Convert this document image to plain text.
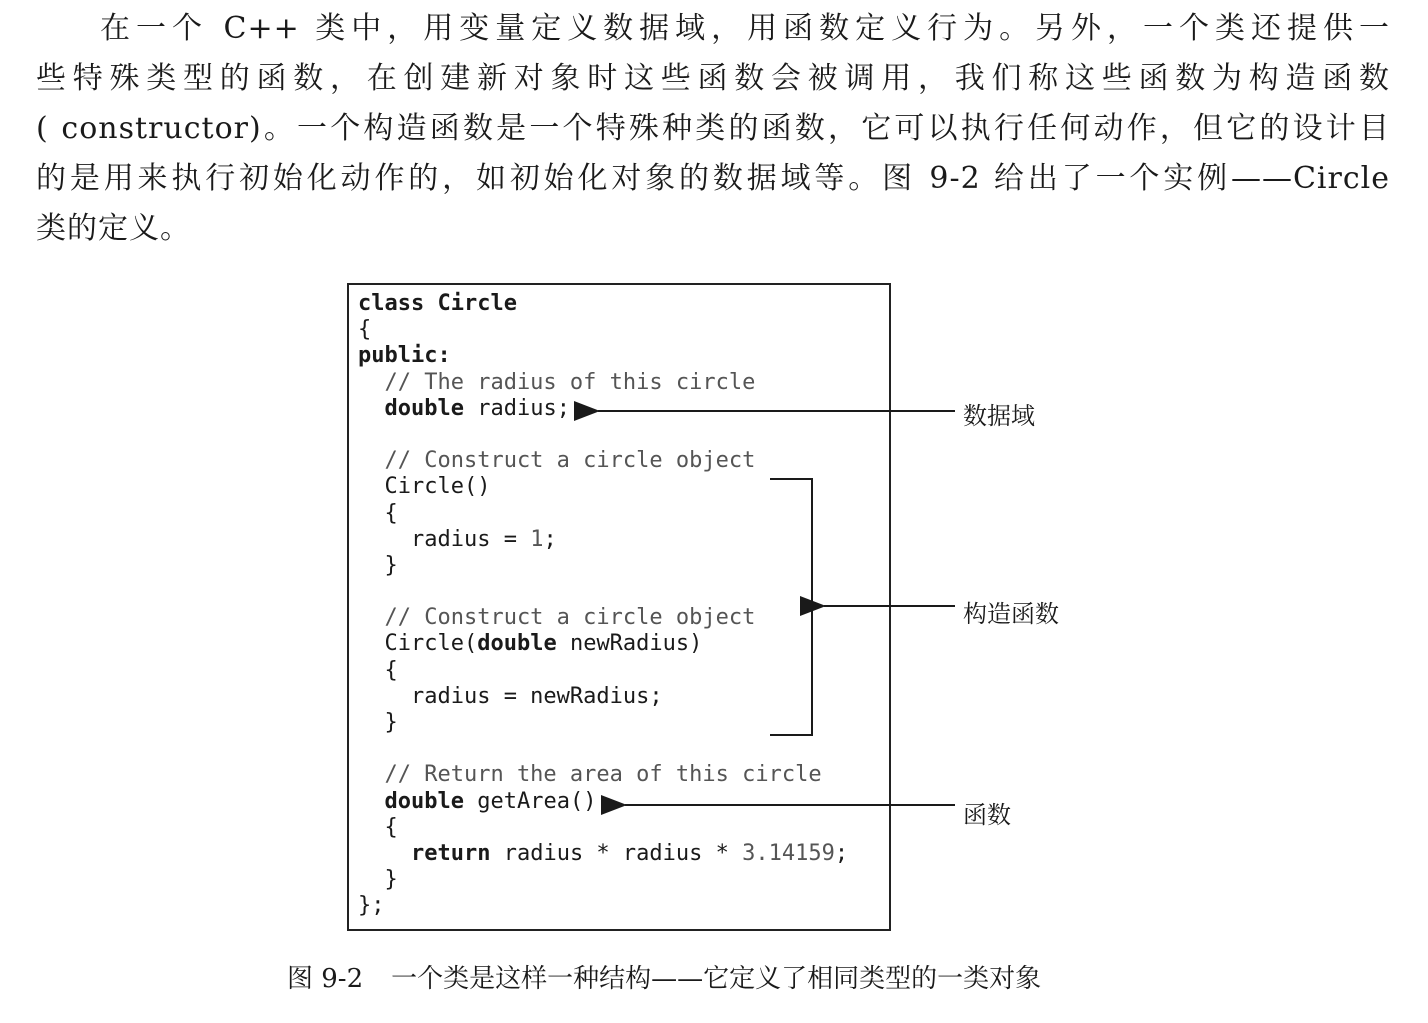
在一个 C++ 类中，用变量定义数据域，用函数定义行为。另外，一个类还提供一
些特殊类型的函数，在创建新对象时这些函数会被调用，我们称这些函数为构造函数
( constructor)。一个构造函数是一个特殊种类的函数，它可以执行任何动作，但它的设计目
的是用来执行初始化动作的，如初始化对象的数据域等。图 9-2 给出了一个实例——Circle
类的定义。
class Circle
{
public:
// The radius of this circle
double radius;

// Construct a circle object
Circle()
{
radius = 1;
}

// Construct a circle object
Circle(double newRadius)
{
radius = newRadius;
}

// Return the area of this circle
double getArea()
{
return radius * radius * 3.14159;
}
};
数据域
构造函数
函数
图 9-2 一个类是这样一种结构——它定义了相同类型的一类对象
